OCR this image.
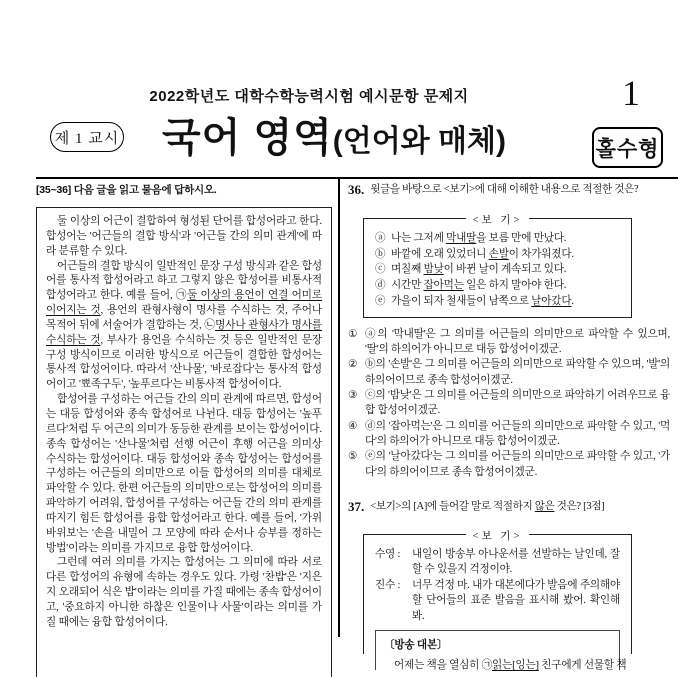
2022학년도 대학수학능력시험 예시문항 문제지	1
제 1 교시	국어 영역(언어와 매체)	홀수형
[35~36] 다음 글을 읽고 물음에 답하시오.

둘 이상의 어근이 결합하여 형성된 단어를 합성어라고 한다. 합성어는 '어근들의 결합 방식'과 '어근들 간의 의미 관계'에 따라 분류할 수 있다.

어근들의 결합 방식이 일반적인 문장 구성 방식과 같은 합성어를 통사적 합성어라고 하고 그렇지 않은 합성어를 비통사적 합성어라고 한다. 예를 들어, ㉠둘 이상의 용언이 연결 어미로 이어지는 것, 용언의 관형사형이 명사를 수식하는 것, 주어나 목적어 뒤에 서술어가 결합하는 것, ㉡명사나 관형사가 명사를 수식하는 것, 부사가 용언을 수식하는 것 등은 일반적인 문장 구성 방식이므로 이러한 방식으로 어근들이 결합한 합성어는 통사적 합성어이다. 따라서 '산나물', '바로잡다'는 통사적 합성어이고 '뾰족구두', '높푸르다'는 비통사적 합성어이다.

합성어를 구성하는 어근들 간의 의미 관계에 따르면, 합성어는 대등 합성어와 종속 합성어로 나뉜다. 대등 합성어는 '높푸르다'처럼 두 어근의 의미가 동등한 관계를 보이는 합성어이다. 종속 합성어는 '산나물'처럼 선행 어근이 후행 어근을 의미상 수식하는 합성어이다. 대등 합성어와 종속 합성어는 합성어를 구성하는 어근들의 의미만으로 이들 합성어의 의미를 대체로 파악할 수 있다. 한편 어근들의 의미만으로는 합성어의 의미를 파악하기 어려워, 합성어를 구성하는 어근들 간의 의미 관계를 따지기 힘든 합성어를 융합 합성어라고 한다. 예를 들어, '가위바위보'는 '손을 내밀어 그 모양에 따라 순서나 승부를 정하는 방법'이라는 의미를 가지므로 융합 합성어이다.

그런데 여러 의미를 가지는 합성어는 그 의미에 따라 서로 다른 합성어의 유형에 속하는 경우도 있다. 가령 '찬밥'은 '지은 지 오래되어 식은 밥'이라는 의미를 가질 때에는 종속 합성어이고, '중요하지 아니한 하찮은 인물이나 사물'이라는 의미를 가질 때에는 융합 합성어이다.

36. 윗글을 바탕으로 <보기>에 대해 이해한 내용으로 적절한 것은?
<보 기>
ⓐ 나는 그저께 막내딸을 보름 만에 만났다.
ⓑ 바깥에 오래 있었더니 손발이 차가워졌다.
ⓒ 며칠째 밤낮이 바뀐 날이 계속되고 있다.
ⓓ 시간만 잡아먹는 일은 하지 말아야 한다.
ⓔ 가을이 되자 철새들이 남쪽으로 날아갔다.
① ⓐ의 '막내딸'은 그 의미를 어근들의 의미만으로 파악할 수 있으며, '딸'의 하의어가 아니므로 대등 합성어이겠군.
② ⓑ의 '손발'은 그 의미를 어근들의 의미만으로 파악할 수 있으며, '발'의 하의어이므로 종속 합성어이겠군.
③ ⓒ의 '밤낮'은 그 의미를 어근들의 의미만으로 파악하기 어려우므로 융합 합성어이겠군.
④ ⓓ의 '잡아먹는'은 그 의미를 어근들의 의미만으로 파악할 수 있고, '먹다'의 하의어가 아니므로 대등 합성어이겠군.
⑤ ⓔ의 '날아갔다'는 그 의미를 어근들의 의미만으로 파악할 수 있고, '가다'의 하의어이므로 종속 합성어이겠군.
37. <보기>의 [A]에 들어갈 말로 적절하지 않은 것은? [3점]
<보 기>
수영 :	내일이 방송부 아나운서를 선발하는 날인데, 잘할 수 있을지 걱정이야.
진수 :	너무 걱정 마. 내가 대본에다가 발음에 주의해야 할 단어들의 표준 발음을 표시해 봤어. 확인해 봐.
〔방송 대본〕
어제는 책을 열심히 ㉠읽는[잉는] 친구에게 선물할 책
